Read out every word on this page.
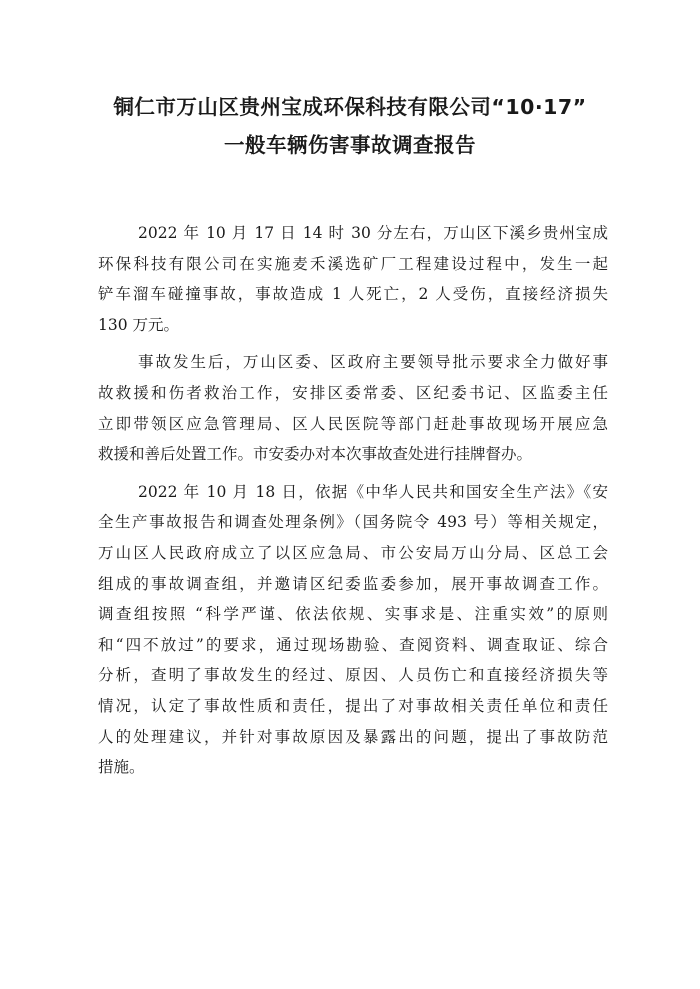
铜仁市万山区贵州宝成环保科技有限公司“10·17”
一般车辆伤害事故调查报告

2022 年 10 月 17 日 14 时 30 分左右，万山区下溪乡贵州宝成
环保科技有限公司在实施麦禾溪选矿厂工程建设过程中，发生一起
铲车溜车碰撞事故，事故造成 1 人死亡，2 人受伤，直接经济损失
130 万元。

事故发生后，万山区委、区政府主要领导批示要求全力做好事
故救援和伤者救治工作，安排区委常委、区纪委书记、区监委主任
立即带领区应急管理局、区人民医院等部门赶赴事故现场开展应急
救援和善后处置工作。市安委办对本次事故查处进行挂牌督办。

2022 年 10 月 18 日，依据《中华人民共和国安全生产法》《安
全生产事故报告和调查处理条例》（国务院令 493 号）等相关规定，
万山区人民政府成立了以区应急局、市公安局万山分局、区总工会
组成的事故调查组，并邀请区纪委监委参加，展开事故调查工作。
调查组按照 “科学严谨、依法依规、实事求是、注重实效”的原则
和“四不放过”的要求，通过现场勘验、查阅资料、调查取证、综合
分析，查明了事故发生的经过、原因、人员伤亡和直接经济损失等
情况，认定了事故性质和责任，提出了对事故相关责任单位和责任
人的处理建议，并针对事故原因及暴露出的问题，提出了事故防范
措施。
